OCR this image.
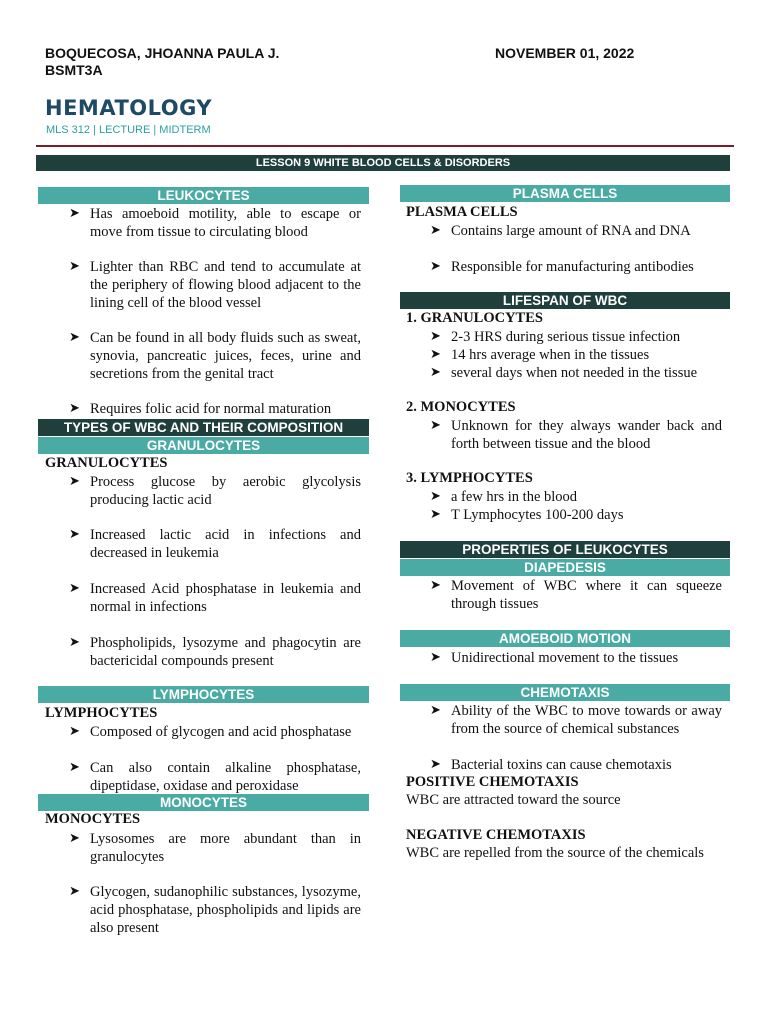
BOQUECOSA, JHOANNA PAULA J.
BSMT3A
NOVEMBER 01, 2022
HEMATOLOGY
MLS 312 | LECTURE | MIDTERM
LESSON 9 WHITE BLOOD CELLS & DISORDERS
LEUKOCYTES
➤ Has amoeboid motility, able to escape or move from tissue to circulating blood
➤ Lighter than RBC and tend to accumulate at the periphery of flowing blood adjacent to the lining cell of the blood vessel
➤ Can be found in all body fluids such as sweat, synovia, pancreatic juices, feces, urine and secretions from the genital tract
➤ Requires folic acid for normal maturation
TYPES OF WBC AND THEIR COMPOSITION
GRANULOCYTES
GRANULOCYTES
➤ Process glucose by aerobic glycolysis producing lactic acid
➤ Increased lactic acid in infections and decreased in leukemia
➤ Increased Acid phosphatase in leukemia and normal in infections
➤ Phospholipids, lysozyme and phagocytin are bactericidal compounds present
LYMPHOCYTES
LYMPHOCYTES
➤ Composed of glycogen and acid phosphatase
➤ Can also contain alkaline phosphatase, dipeptidase, oxidase and peroxidase
MONOCYTES
MONOCYTES
➤ Lysosomes are more abundant than in granulocytes
➤ Glycogen, sudanophilic substances, lysozyme, acid phosphatase, phospholipids and lipids are also present
PLASMA CELLS
PLASMA CELLS
➤ Contains large amount of RNA and DNA
➤ Responsible for manufacturing antibodies
LIFESPAN OF WBC
1. GRANULOCYTES
➤ 2-3 HRS during serious tissue infection
➤ 14 hrs average when in the tissues
➤ several days when not needed in the tissue
2. MONOCYTES
➤ Unknown for they always wander back and forth between tissue and the blood
3. LYMPHOCYTES
➤ a few hrs in the blood
➤ T Lymphocytes 100-200 days
PROPERTIES OF LEUKOCYTES
DIAPEDESIS
➤ Movement of WBC where it can squeeze through tissues
AMOEBOID MOTION
➤ Unidirectional movement to the tissues
CHEMOTAXIS
➤ Ability of the WBC to move towards or away from the source of chemical substances
➤ Bacterial toxins can cause chemotaxis
POSITIVE CHEMOTAXIS
WBC are attracted toward the source
NEGATIVE CHEMOTAXIS
WBC are repelled from the source of the chemicals
